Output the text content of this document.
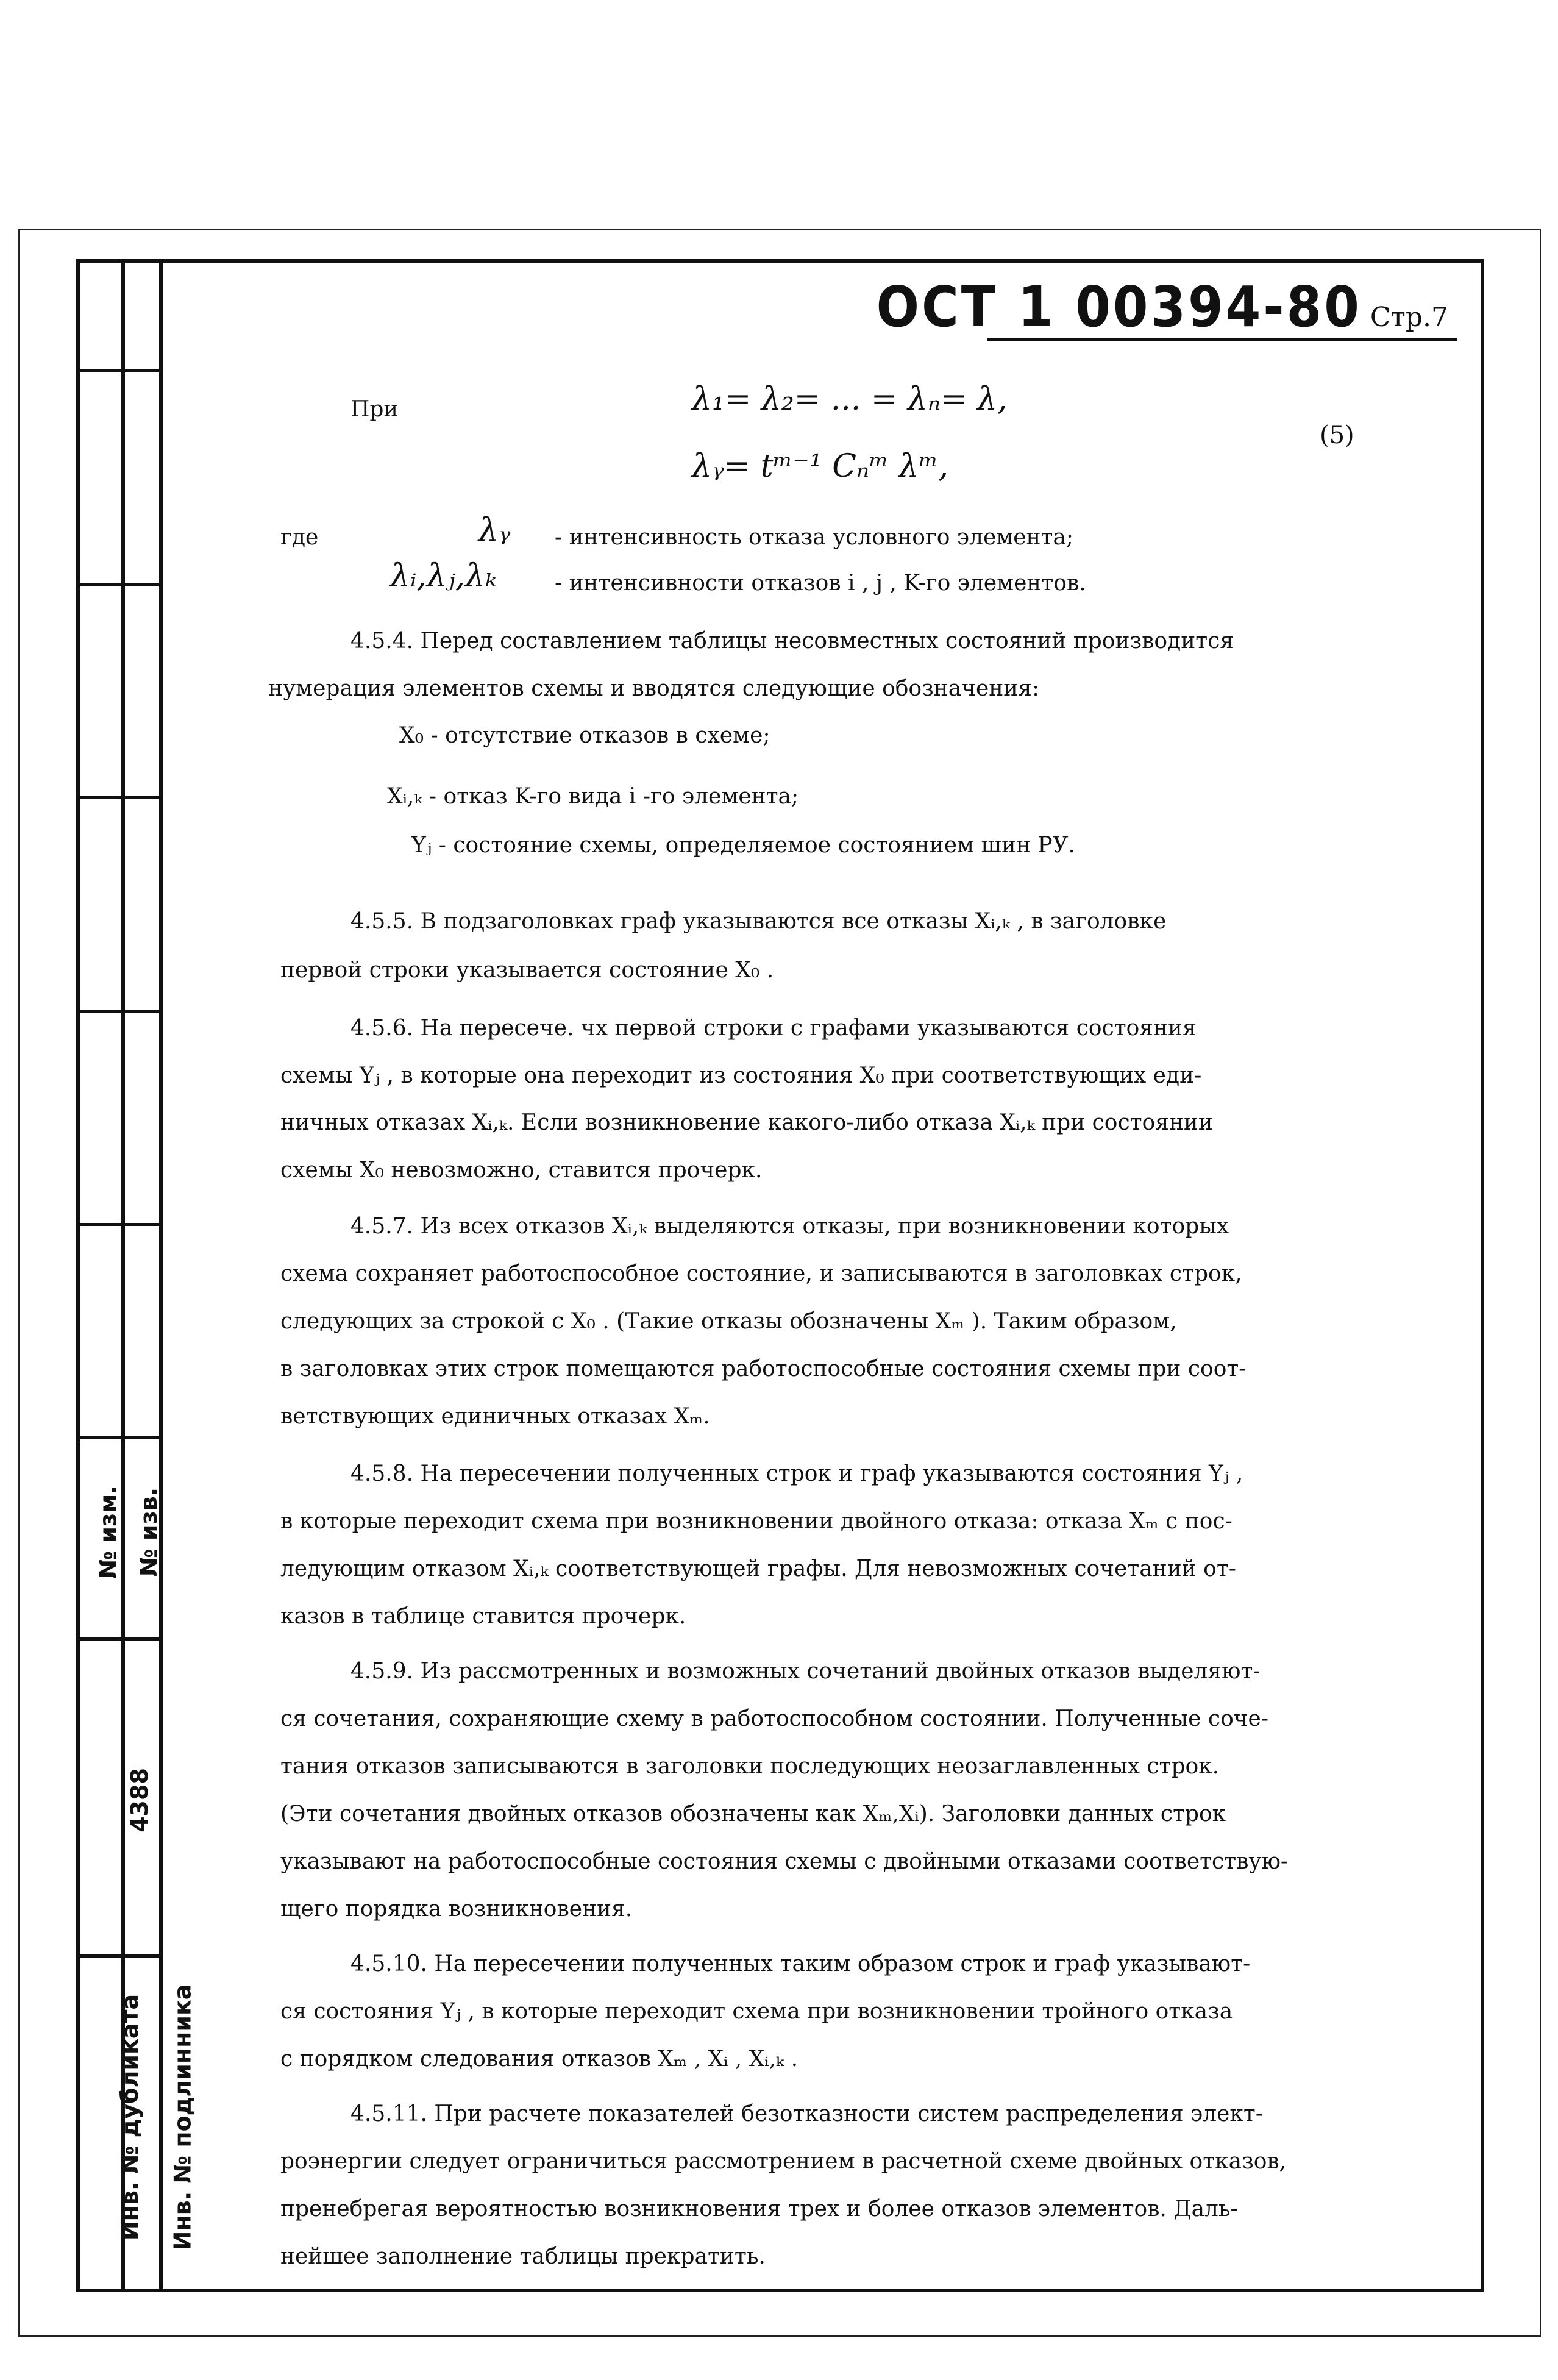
№ изм. № изв.
4388
Инв. № дубликата Инв. № подлинника
ОСТ 1 00394-80 Стр.7
При	λ₁= λ₂= ... = λₙ= λ,
λᵧ= tᵐ⁻¹ Cₙᵐ λᵐ,
(5)
где	λᵧ - интенсивность отказа условного элемента;
λᵢ,λⱼ,λₖ	- интенсивности отказов i , j , K-го элементов.
4.5.4. Перед составлением таблицы несовместных состояний производится
нумерация элементов схемы и вводятся следующие обозначения:
X₀ - отсутствие отказов в схеме;
Xᵢ,ₖ - отказ K-го вида i -го элемента;
Yⱼ - состояние схемы, определяемое состоянием шин РУ.
4.5.5. В подзаголовках граф указываются все отказы Xᵢ,ₖ , в заголовке
первой строки указывается состояние X₀ .
4.5.6. На пересече. чх первой строки с графами указываются состояния
схемы Yⱼ , в которые она переходит из состояния X₀ при соответствующих еди-
ничных отказах Xᵢ,ₖ. Если возникновение какого-либо отказа Xᵢ,ₖ при состоянии
схемы X₀ невозможно, ставится прочерк.
4.5.7. Из всех отказов Xᵢ,ₖ выделяются отказы, при возникновении которых
схема сохраняет работоспособное состояние, и записываются в заголовках строк,
следующих за строкой с X₀ . (Такие отказы обозначены Xₘ ). Таким образом,
в заголовках этих строк помещаются работоспособные состояния схемы при соот-
ветствующих единичных отказах Xₘ.
4.5.8. На пересечении полученных строк и граф указываются состояния Yⱼ ,
в которые переходит схема при возникновении двойного отказа: отказа Xₘ с пос-
ледующим отказом Xᵢ,ₖ соответствующей графы. Для невозможных сочетаний от-
казов в таблице ставится прочерк.
4.5.9. Из рассмотренных и возможных сочетаний двойных отказов выделяют-
ся сочетания, сохраняющие схему в работоспособном состоянии. Полученные соче-
тания отказов записываются в заголовки последующих неозаглавленных строк.
(Эти сочетания двойных отказов обозначены как Xₘ,Xᵢ). Заголовки данных строк
указывают на работоспособные состояния схемы с двойными отказами соответствую-
щего порядка возникновения.
4.5.10. На пересечении полученных таким образом строк и граф указывают-
ся состояния Yⱼ , в которые переходит схема при возникновении тройного отказа
с порядком следования отказов Xₘ , Xᵢ , Xᵢ,ₖ .
4.5.11. При расчете показателей безотказности систем распределения элект-
роэнергии следует ограничиться рассмотрением в расчетной схеме двойных отказов,
пренебрегая вероятностью возникновения трех и более отказов элементов. Даль-
нейшее заполнение таблицы прекратить.
